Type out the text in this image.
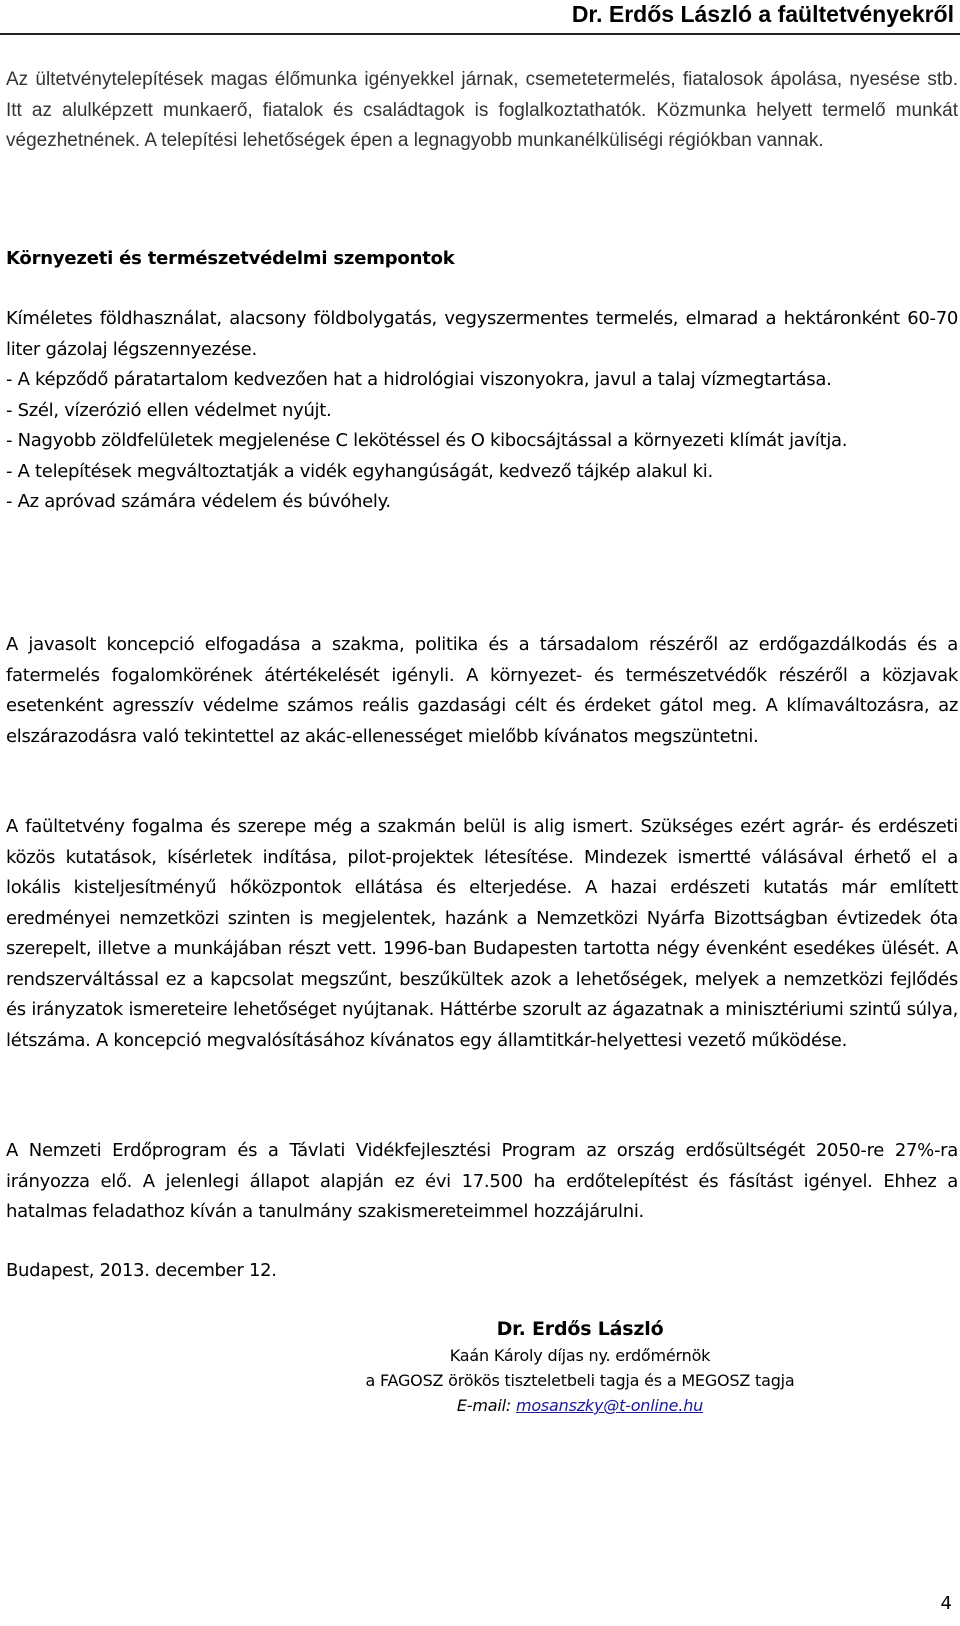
Dr. Erdős László a faültetvényekről

Az ültetvénytelepítések magas élőmunka igényekkel járnak, csemetetermelés, fiatalosok ápolása, nyesése stb. Itt az alulképzett munkaerő, fiatalok és családtagok is foglalkoztathatók. Közmunka helyett termelő munkát végezhetnének. A telepítési lehetőségek épen a legnagyobb munkanélküliségi régiókban vannak.

Környezeti és természetvédelmi szempontok

Kíméletes földhasználat, alacsony földbolygatás, vegyszermentes termelés, elmarad a hektáronként 60-70 liter gázolaj légszennyezése.

- A képződő páratartalom kedvezően hat a hidrológiai viszonyokra, javul a talaj vízmegtartása.

- Szél, vízerózió ellen védelmet nyújt.

- Nagyobb zöldfelületek megjelenése C lekötéssel és O kibocsájtással a környezeti klímát javítja.

- A telepítések megváltoztatják a vidék egyhangúságát, kedvező tájkép alakul ki.

- Az apróvad számára védelem és búvóhely.

A javasolt koncepció elfogadása a szakma, politika és a társadalom részéről az erdőgazdálkodás és a fatermelés fogalomkörének átértékelését igényli. A környezet- és természetvédők részéről a közjavak esetenként agresszív védelme számos reális gazdasági célt és érdeket gátol meg. A klímaváltozásra, az elszárazodásra való tekintettel az akác-ellenességet mielőbb kívánatos megszüntetni.
A faültetvény fogalma és szerepe még a szakmán belül is alig ismert. Szükséges ezért agrár- és erdészeti közös kutatások, kísérletek indítása, pilot-projektek létesítése. Mindezek ismertté válásával érhető el a lokális kisteljesítményű hőközpontok ellátása és elterjedése. A hazai erdészeti kutatás már említett eredményei nemzetközi szinten is megjelentek, hazánk a Nemzetközi Nyárfa Bizottságban évtizedek óta szerepelt, illetve a munkájában részt vett. 1996-ban Budapesten tartotta négy évenként esedékes ülését. A rendszerváltással ez a kapcsolat megszűnt, beszűkültek azok a lehetőségek, melyek a nemzetközi fejlődés és irányzatok ismereteire lehetőséget nyújtanak. Háttérbe szorult az ágazatnak a minisztériumi szintű súlya, létszáma. A koncepció megvalósításához kívánatos egy államtitkár-helyettesi vezető működése.
A Nemzeti Erdőprogram és a Távlati Vidékfejlesztési Program az ország erdősültségét 2050-re 27%-ra irányozza elő. A jelenlegi állapot alapján ez évi 17.500 ha erdőtelepítést és fásítást igényel. Ehhez a hatalmas feladathoz kíván a tanulmány szakismereteimmel hozzájárulni.
Budapest, 2013. december 12.
Dr. Erdős László
Kaán Károly díjas ny. erdőmérnök
a FAGOSZ örökös tiszteletbeli tagja és a MEGOSZ tagja
E-mail: mosanszky@t-online.hu
4
